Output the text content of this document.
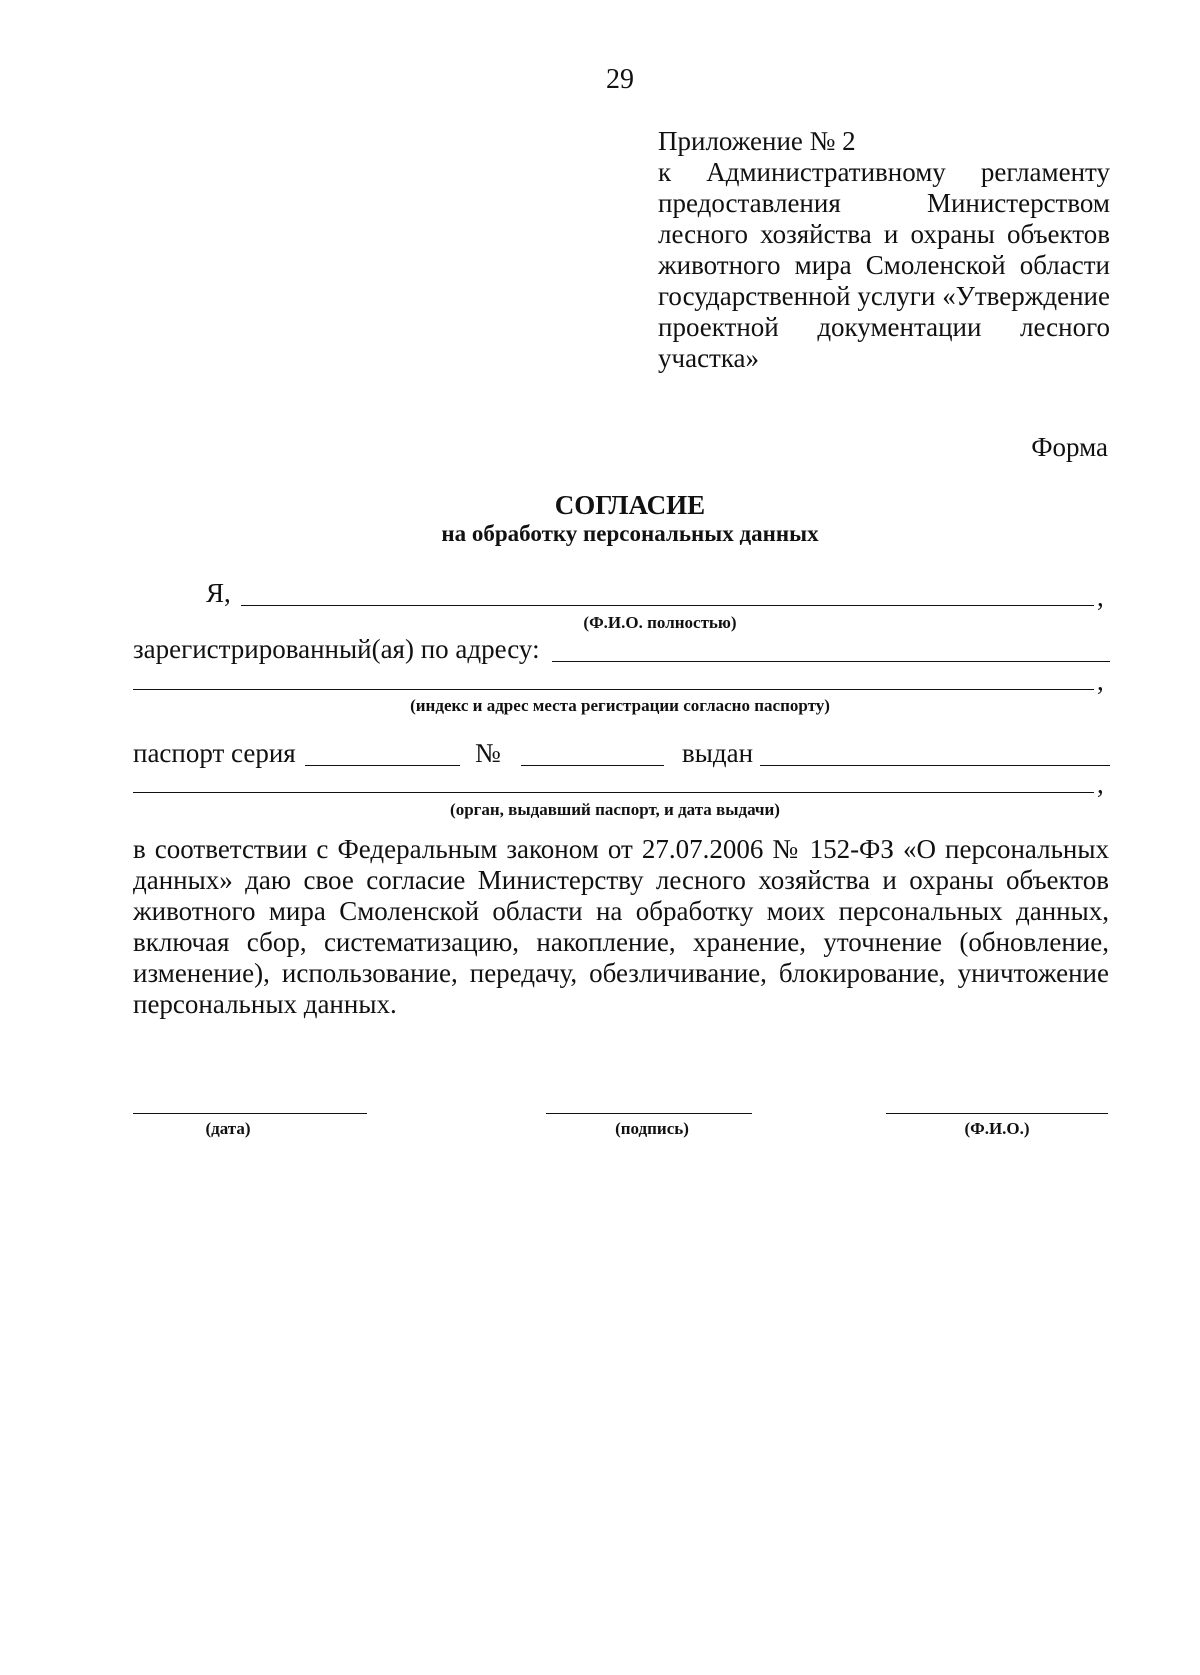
29
Приложение № 2
к Административному регламенту
предоставления Министерством
лесного хозяйства и охраны объектов
животного мира Смоленской области
государственной услуги «Утверждение
проектной документации лесного
участка»
Форма
СОГЛАСИЕ
на обработку персональных данных
Я,	,
(Ф.И.О. полностью)
зарегистрированный(ая) по адресу:
,
(индекс и адрес места регистрации согласно паспорту)
паспорт серия	№	выдан
,
(орган, выдавший паспорт, и дата выдачи)
в соответствии с Федеральным законом от 27.07.2006 № 152-ФЗ «О персональных
данных» даю свое согласие Министерству лесного хозяйства и охраны объектов
животного мира Смоленской области на обработку моих персональных данных,
включая сбор, систематизацию, накопление, хранение, уточнение (обновление,
изменение), использование, передачу, обезличивание, блокирование, уничтожение
персональных данных.
(дата)	(подпись)	(Ф.И.О.)
